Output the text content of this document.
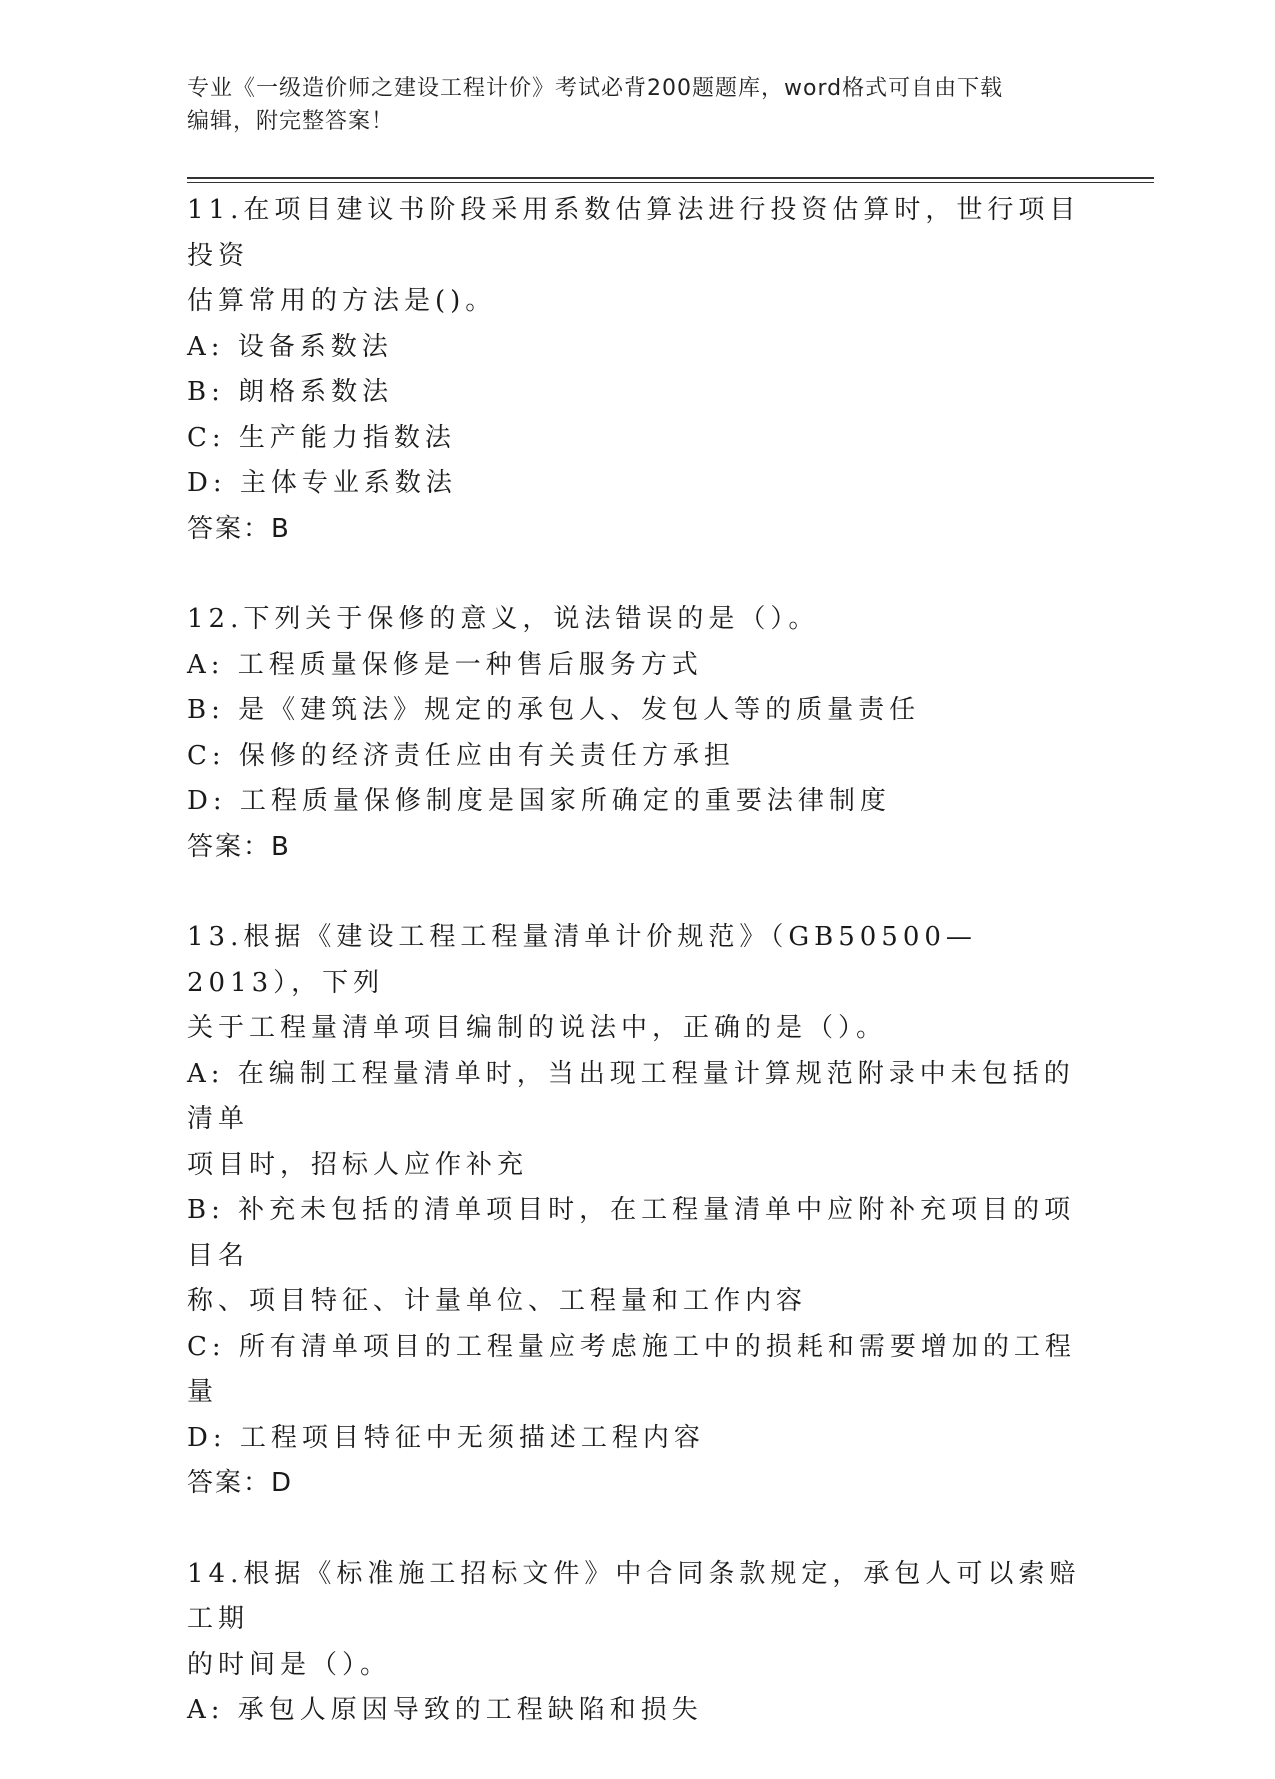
专业《一级造价师之建设工程计价》考试必背200题题库，word格式可自由下载
编辑，附完整答案！
11.在项目建议书阶段采用系数估算法进行投资估算时，世行项目投资
估算常用的方法是()。
A: 设备系数法
B: 朗格系数法
C: 生产能力指数法
D: 主体专业系数法
答案：B
12.下列关于保修的意义，说法错误的是（）。
A: 工程质量保修是一种售后服务方式
B: 是《建筑法》规定的承包人、发包人等的质量责任
C: 保修的经济责任应由有关责任方承担
D: 工程质量保修制度是国家所确定的重要法律制度
答案：B
13.根据《建设工程工程量清单计价规范》（GB50500—2013），下列
关于工程量清单项目编制的说法中，正确的是（）。
A: 在编制工程量清单时，当出现工程量计算规范附录中未包括的清单
项目时，招标人应作补充
B: 补充未包括的清单项目时，在工程量清单中应附补充项目的项目名
称、项目特征、计量单位、工程量和工作内容
C: 所有清单项目的工程量应考虑施工中的损耗和需要增加的工程量
D: 工程项目特征中无须描述工程内容
答案：D
14.根据《标准施工招标文件》中合同条款规定，承包人可以索赔工期
的时间是（）。
A: 承包人原因导致的工程缺陷和损失
